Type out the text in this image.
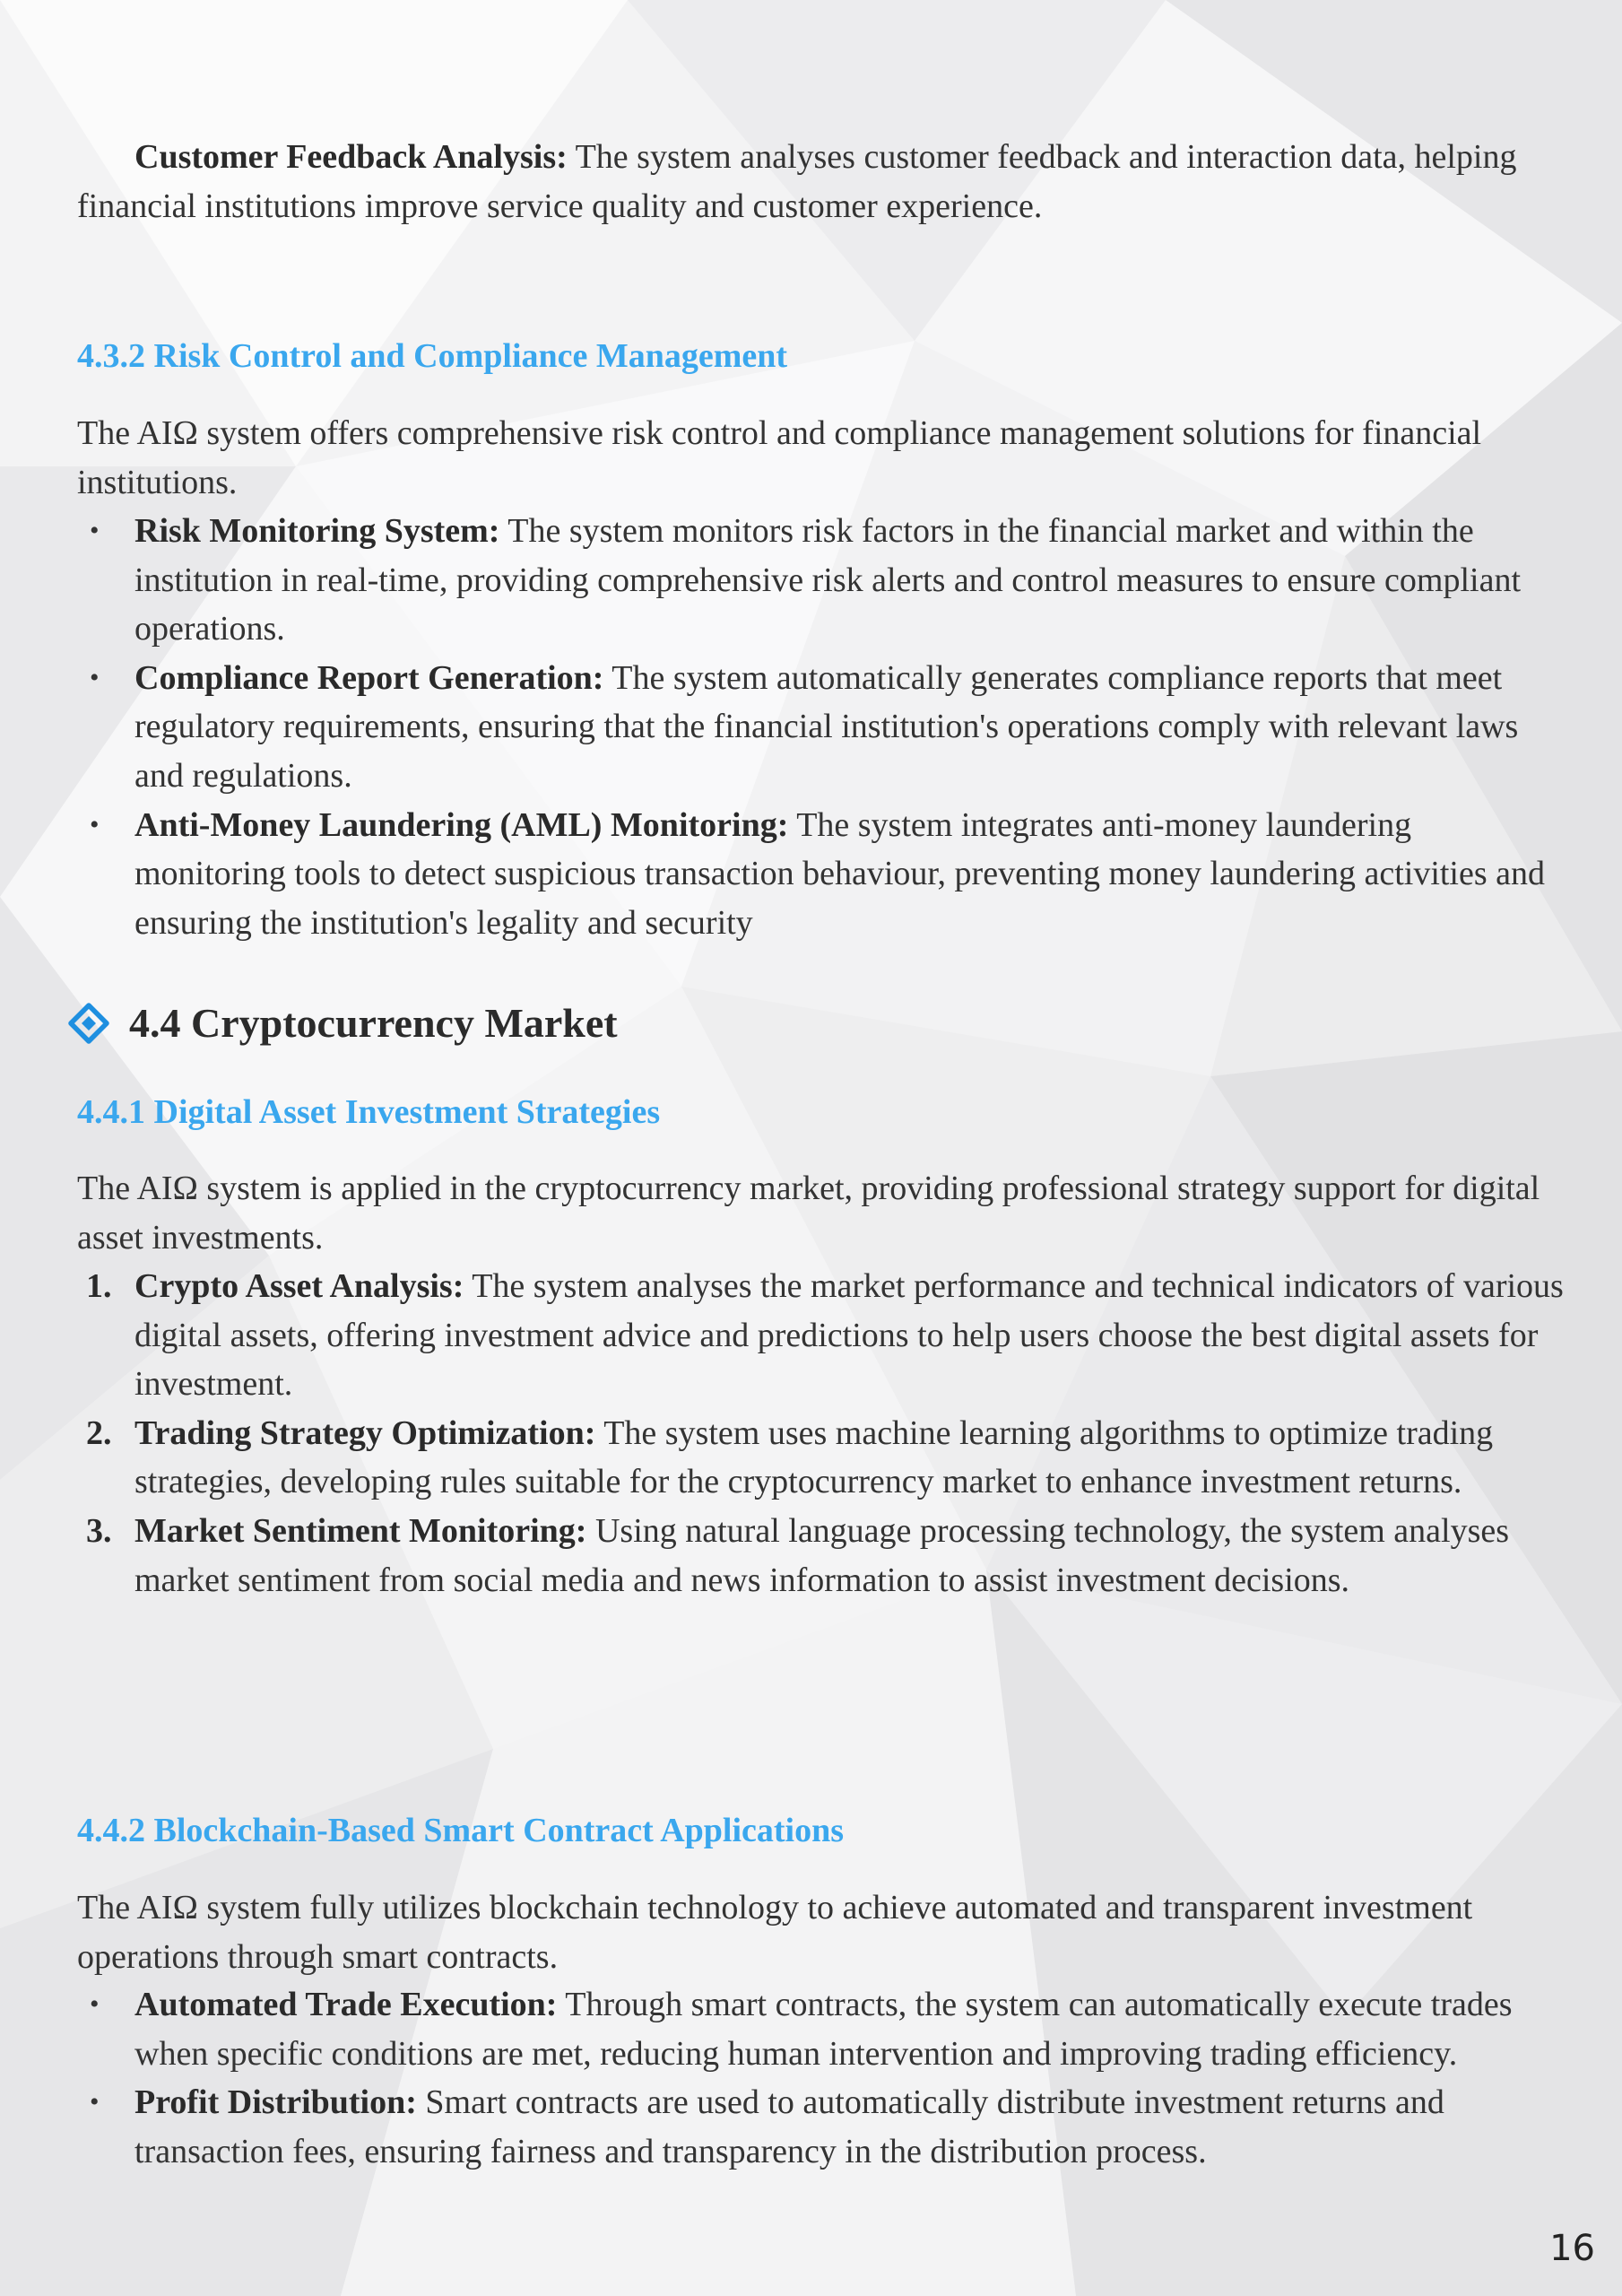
Customer Feedback Analysis: The system analyses customer feedback and interaction data, helping financial institutions improve service quality and customer experience.

4.3.2 Risk Control and Compliance Management

The AIΩ system offers comprehensive risk control and compliance management solutions for financial institutions.

• Risk Monitoring System: The system monitors risk factors in the financial market and within the institution in real-time, providing comprehensive risk alerts and control measures to ensure compliant operations.
• Compliance Report Generation: The system automatically generates compliance reports that meet regulatory requirements, ensuring that the financial institution's operations comply with relevant laws and regulations.
• Anti-Money Laundering (AML) Monitoring: The system integrates anti-money laundering monitoring tools to detect suspicious transaction behaviour, preventing money laundering activities and ensuring the institution's legality and security
4.4 Cryptocurrency Market
4.4.1 Digital Asset Investment Strategies

The AIΩ system is applied in the cryptocurrency market, providing professional strategy support for digital asset investments.

1. Crypto Asset Analysis: The system analyses the market performance and technical indicators of various digital assets, offering investment advice and predictions to help users choose the best digital assets for investment.
2. Trading Strategy Optimization: The system uses machine learning algorithms to optimize trading strategies, developing rules suitable for the cryptocurrency market to enhance investment returns.
3. Market Sentiment Monitoring: Using natural language processing technology, the system analyses market sentiment from social media and news information to assist investment decisions.
4.4.2 Blockchain-Based Smart Contract Applications

The AIΩ system fully utilizes blockchain technology to achieve automated and transparent investment operations through smart contracts.

• Automated Trade Execution: Through smart contracts, the system can automatically execute trades when specific conditions are met, reducing human intervention and improving trading efficiency.
• Profit Distribution: Smart contracts are used to automatically distribute investment returns and transaction fees, ensuring fairness and transparency in the distribution process.
16
